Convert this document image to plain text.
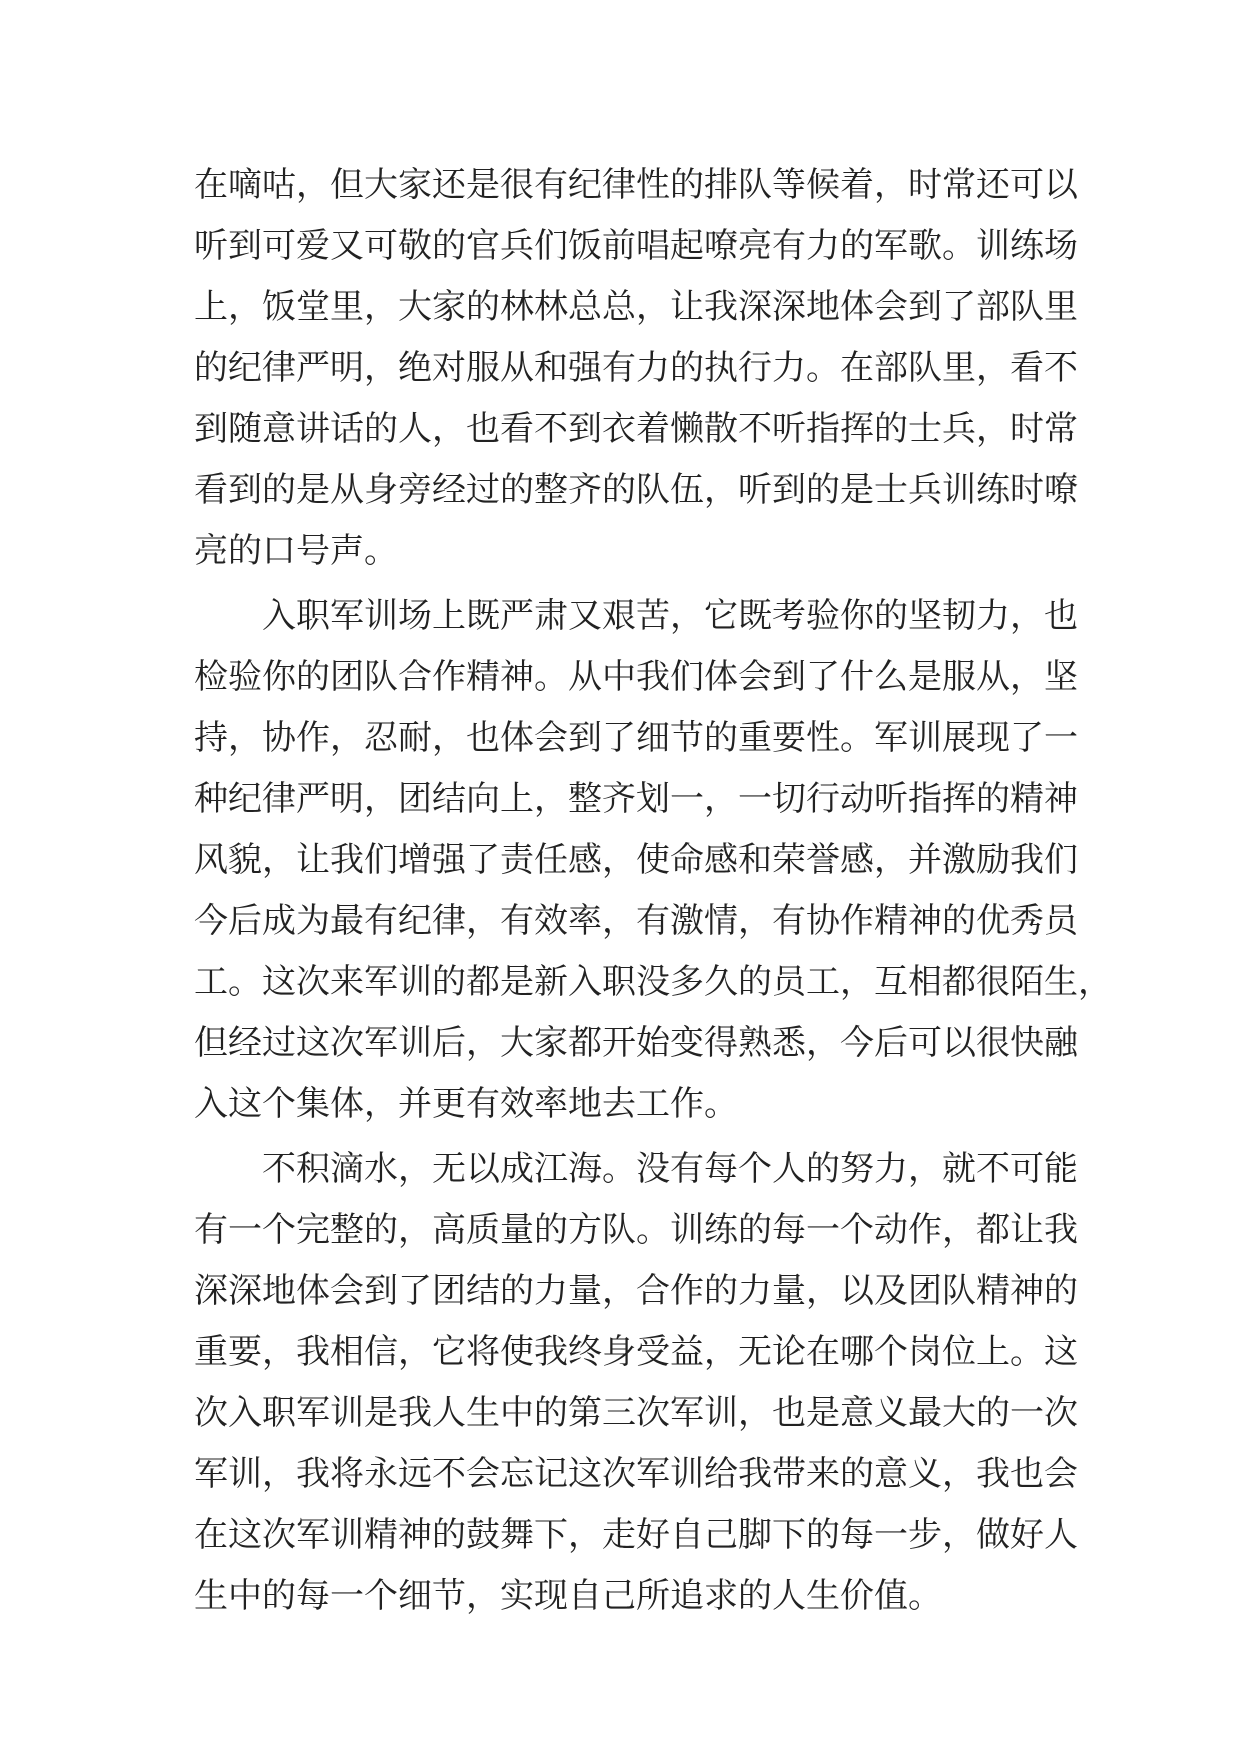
在嘀咕，但大家还是很有纪律性的排队等候着，时常还可以
听到可爱又可敬的官兵们饭前唱起嘹亮有力的军歌。训练场
上，饭堂里，大家的林林总总，让我深深地体会到了部队里
的纪律严明，绝对服从和强有力的执行力。在部队里，看不
到随意讲话的人，也看不到衣着懒散不听指挥的士兵，时常
看到的是从身旁经过的整齐的队伍，听到的是士兵训练时嘹
亮的口号声。
　　入职军训场上既严肃又艰苦，它既考验你的坚韧力，也
检验你的团队合作精神。从中我们体会到了什么是服从，坚
持，协作，忍耐，也体会到了细节的重要性。军训展现了一
种纪律严明，团结向上，整齐划一，一切行动听指挥的精神
风貌，让我们增强了责任感，使命感和荣誉感，并激励我们
今后成为最有纪律，有效率，有激情，有协作精神的优秀员
工。这次来军训的都是新入职没多久的员工，互相都很陌生，
但经过这次军训后，大家都开始变得熟悉，今后可以很快融
入这个集体，并更有效率地去工作。
　　不积滴水，无以成江海。没有每个人的努力，就不可能
有一个完整的，高质量的方队。训练的每一个动作，都让我
深深地体会到了团结的力量，合作的力量，以及团队精神的
重要，我相信，它将使我终身受益，无论在哪个岗位上。这
次入职军训是我人生中的第三次军训，也是意义最大的一次
军训，我将永远不会忘记这次军训给我带来的意义，我也会
在这次军训精神的鼓舞下，走好自己脚下的每一步，做好人
生中的每一个细节，实现自己所追求的人生价值。
